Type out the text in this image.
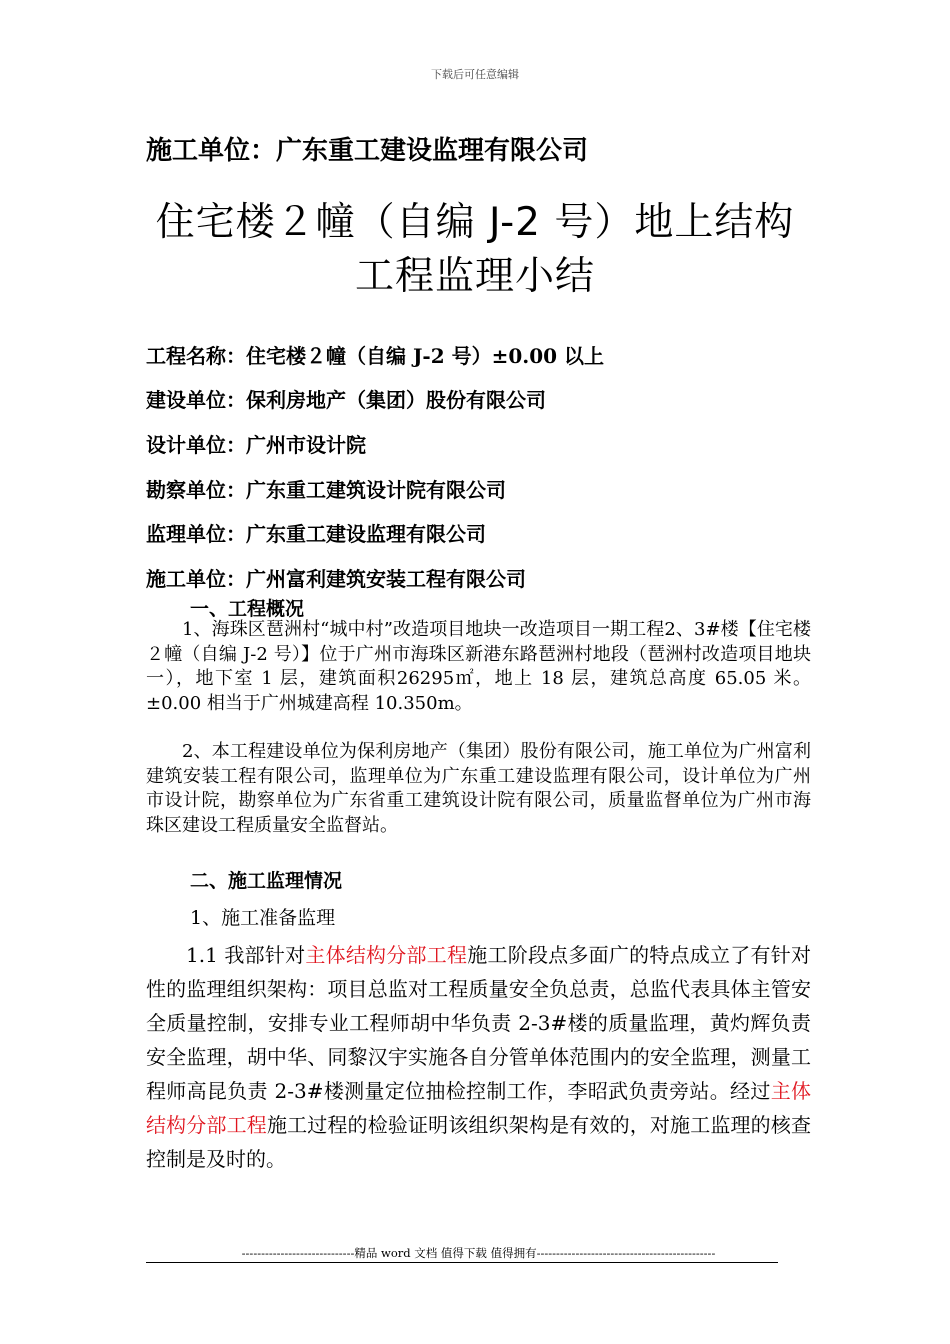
下载后可任意编辑
施工单位：广东重工建设监理有限公司
住宅楼２幢（自编 J-2 号）地上结构
工程监理小结
工程名称：住宅楼２幢（自编 J-2 号）±0.00 以上
建设单位：保利房地产（集团）股份有限公司
设计单位：广州市设计院
勘察单位：广东重工建筑设计院有限公司
监理单位：广东重工建设监理有限公司
施工单位：广州富利建筑安装工程有限公司
一、工程概况
1、海珠区琶洲村“城中村”改造项目地块一改造项目一期工程2、3#楼【住宅楼２幢（自编 J-2 号）】位于广州市海珠区新港东路琶洲村地段（琶洲村改造项目地块一），地下室 1 层，建筑面积26295㎡，地上 18 层，建筑总高度 65.05 米。±0.00 相当于广州城建高程 10.350m。
2、本工程建设单位为保利房地产（集团）股份有限公司，施工单位为广州富利建筑安装工程有限公司，监理单位为广东重工建设监理有限公司，设计单位为广州市设计院，勘察单位为广东省重工建筑设计院有限公司，质量监督单位为广州市海珠区建设工程质量安全监督站。
二、施工监理情况
1、施工准备监理
1.1 我部针对主体结构分部工程施工阶段点多面广的特点成立了有针对性的监理组织架构：项目总监对工程质量安全负总责，总监代表具体主管安全质量控制，安排专业工程师胡中华负责 2-3#楼的质量监理，黄灼辉负责安全监理，胡中华、同黎汉宇实施各自分管单体范围内的安全监理，测量工程师高昆负责 2-3#楼测量定位抽检控制工作，李昭武负责旁站。经过主体结构分部工程施工过程的检验证明该组织架构是有效的，对施工监理的核查控制是及时的。
-----------------------------精品 word 文档 值得下载 值得拥有----------------------------------------------
